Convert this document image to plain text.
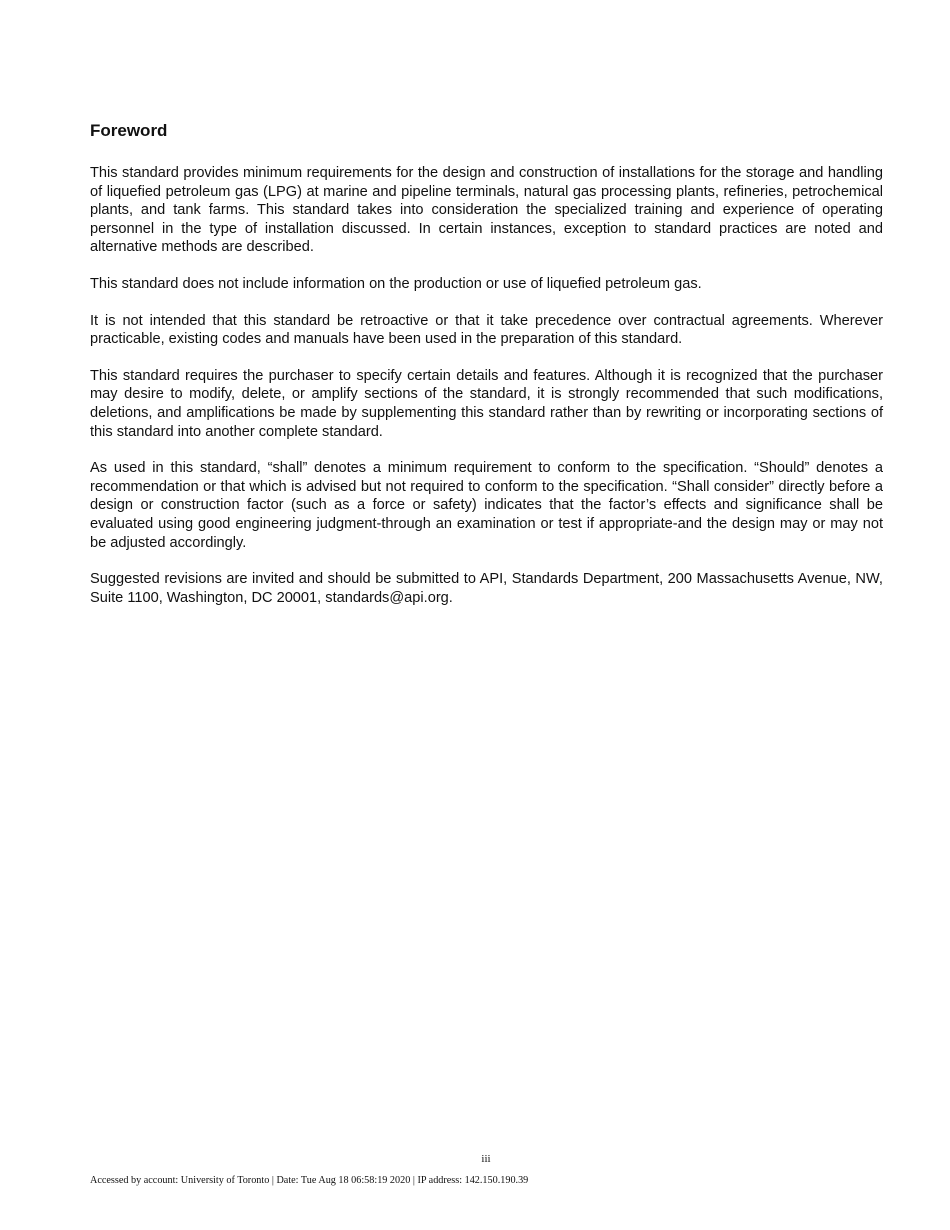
Foreword

This standard provides minimum requirements for the design and construction of installations for the storage and handling of liquefied petroleum gas (LPG) at marine and pipeline terminals, natural gas processing plants, refineries, petrochemical plants, and tank farms. This standard takes into consideration the specialized training and experience of operating personnel in the type of installation discussed. In certain instances, exception to standard practices are noted and alternative methods are described.

This standard does not include information on the production or use of liquefied petroleum gas.

It is not intended that this standard be retroactive or that it take precedence over contractual agreements. Wherever practicable, existing codes and manuals have been used in the preparation of this standard.

This standard requires the purchaser to specify certain details and features. Although it is recognized that the purchaser may desire to modify, delete, or amplify sections of the standard, it is strongly recommended that such modifications, deletions, and amplifications be made by supplementing this standard rather than by rewriting or incorporating sections of this standard into another complete standard.

As used in this standard, “shall” denotes a minimum requirement to conform to the specification. “Should” denotes a recommendation or that which is advised but not required to conform to the specification. “Shall consider” directly before a design or construction factor (such as a force or safety) indicates that the factor’s effects and significance shall be evaluated using good engineering judgment-through an examination or test if appropriate-and the design may or may not be adjusted accordingly.

Suggested revisions are invited and should be submitted to API, Standards Department, 200 Massachusetts Avenue, NW, Suite 1100, Washington, DC 20001, standards@api.org.

iii
Accessed by account: University of Toronto | Date: Tue Aug 18 06:58:19 2020 | IP address: 142.150.190.39
